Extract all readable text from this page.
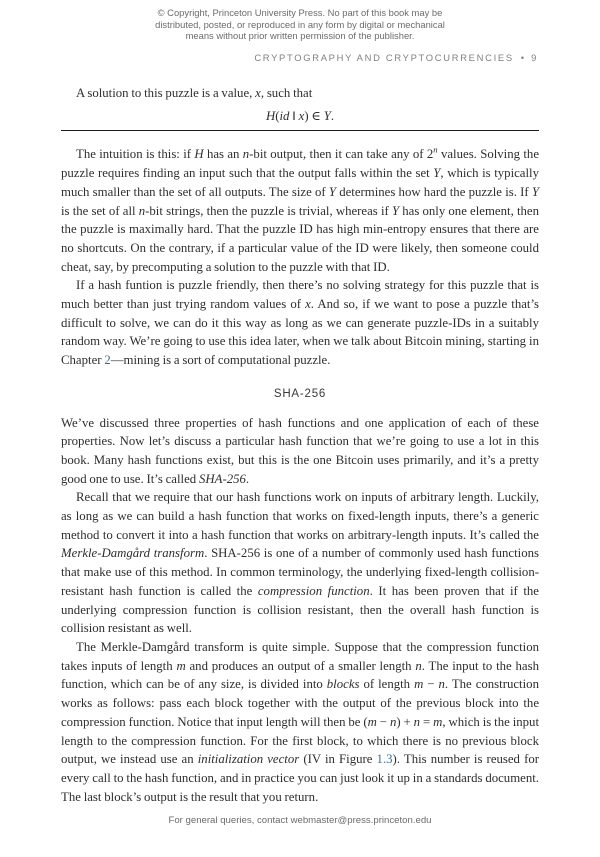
© Copyright, Princeton University Press. No part of this book may be
distributed, posted, or reproduced in any form by digital or mechanical
means without prior written permission of the publisher.
CRYPTOGRAPHY AND CRYPTOCURRENCIES • 9

A solution to this puzzle is a value, x, such that

H(id ‖ x) ∈ Y.

The intuition is this: if H has an n-bit output, then it can take any of 2$^n$ values. Solving the puzzle requires finding an input such that the output falls within the set Y, which is typically much smaller than the set of all outputs. The size of Y determines how hard the puzzle is. If Y is the set of all n-bit strings, then the puzzle is trivial, whereas if Y has only one element, then the puzzle is maximally hard. That the puzzle ID has high min-entropy ensures that there are no shortcuts. On the contrary, if a particular value of the ID were likely, then someone could cheat, say, by precomputing a solution to the puzzle with that ID.

If a hash funtion is puzzle friendly, then there’s no solving strategy for this puzzle that is much better than just trying random values of x. And so, if we want to pose a puzzle that’s difficult to solve, we can do it this way as long as we can generate puzzle-IDs in a suitably random way. We’re going to use this idea later, when we talk about Bitcoin mining, starting in Chapter 2—mining is a sort of computational puzzle.

SHA-256

We’ve discussed three properties of hash functions and one application of each of these properties. Now let’s discuss a particular hash function that we’re going to use a lot in this book. Many hash functions exist, but this is the one Bitcoin uses primarily, and it’s a pretty good one to use. It’s called SHA-256.

Recall that we require that our hash functions work on inputs of arbitrary length. Luckily, as long as we can build a hash function that works on fixed-length inputs, there’s a generic method to convert it into a hash function that works on arbitrary-length inputs. It’s called the Merkle-Damgård transform. SHA-256 is one of a number of commonly used hash functions that make use of this method. In common terminology, the underlying fixed-length collision-resistant hash function is called the compression function. It has been proven that if the underlying compression function is collision resistant, then the overall hash function is collision resistant as well.

The Merkle-Damgård transform is quite simple. Suppose that the compression function takes inputs of length m and produces an output of a smaller length n. The input to the hash function, which can be of any size, is divided into blocks of length m − n. The construction works as follows: pass each block together with the output of the previous block into the compression function. Notice that input length will then be (m − n) + n = m, which is the input length to the compression function. For the first block, to which there is no previous block output, we instead use an initialization vector (IV in Figure 1.3). This number is reused for every call to the hash function, and in practice you can just look it up in a standards document. The last block’s output is the result that you return.

For general queries, contact webmaster@press.princeton.edu
